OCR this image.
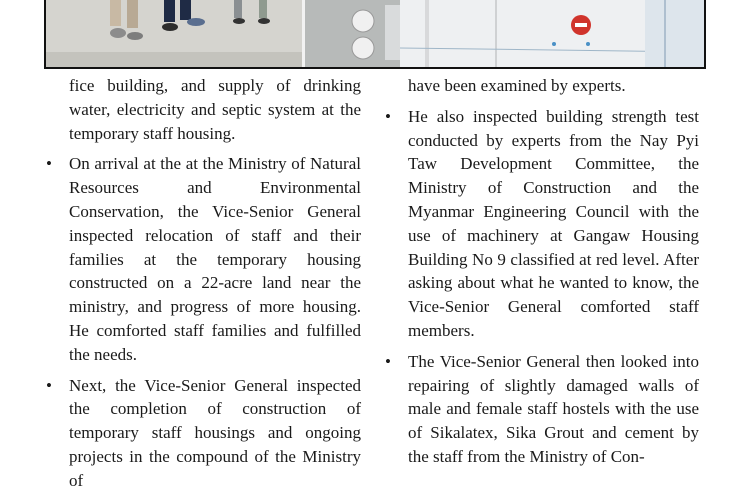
fice building, and supply of drinking water, electricity and septic system at the temporary staff housing.

• On arrival at the at the Ministry of Natural Resources and Environmental Conservation, the Vice-Senior General inspected relocation of staff and their families at the temporary housing constructed on a 22-acre land near the ministry, and progress of more housing. He comforted staff families and fulfilled the needs.
• Next, the Vice-Senior General inspected the completion of construction of temporary staff housings and ongoing projects in the compound of the Ministry of

have been examined by experts.

• He also inspected building strength test conducted by experts from the Nay Pyi Taw Development Committee, the Ministry of Construction and the Myanmar Engineering Council with the use of machinery at Gangaw Housing Building No 9 classified at red level. After asking about what he wanted to know, the Vice-Senior General comforted staff members.
• The Vice-Senior General then looked into repairing of slightly damaged walls of male and female staff hostels with the use of Sikalatex, Sika Grout and cement by the staff from the Ministry of Con-
